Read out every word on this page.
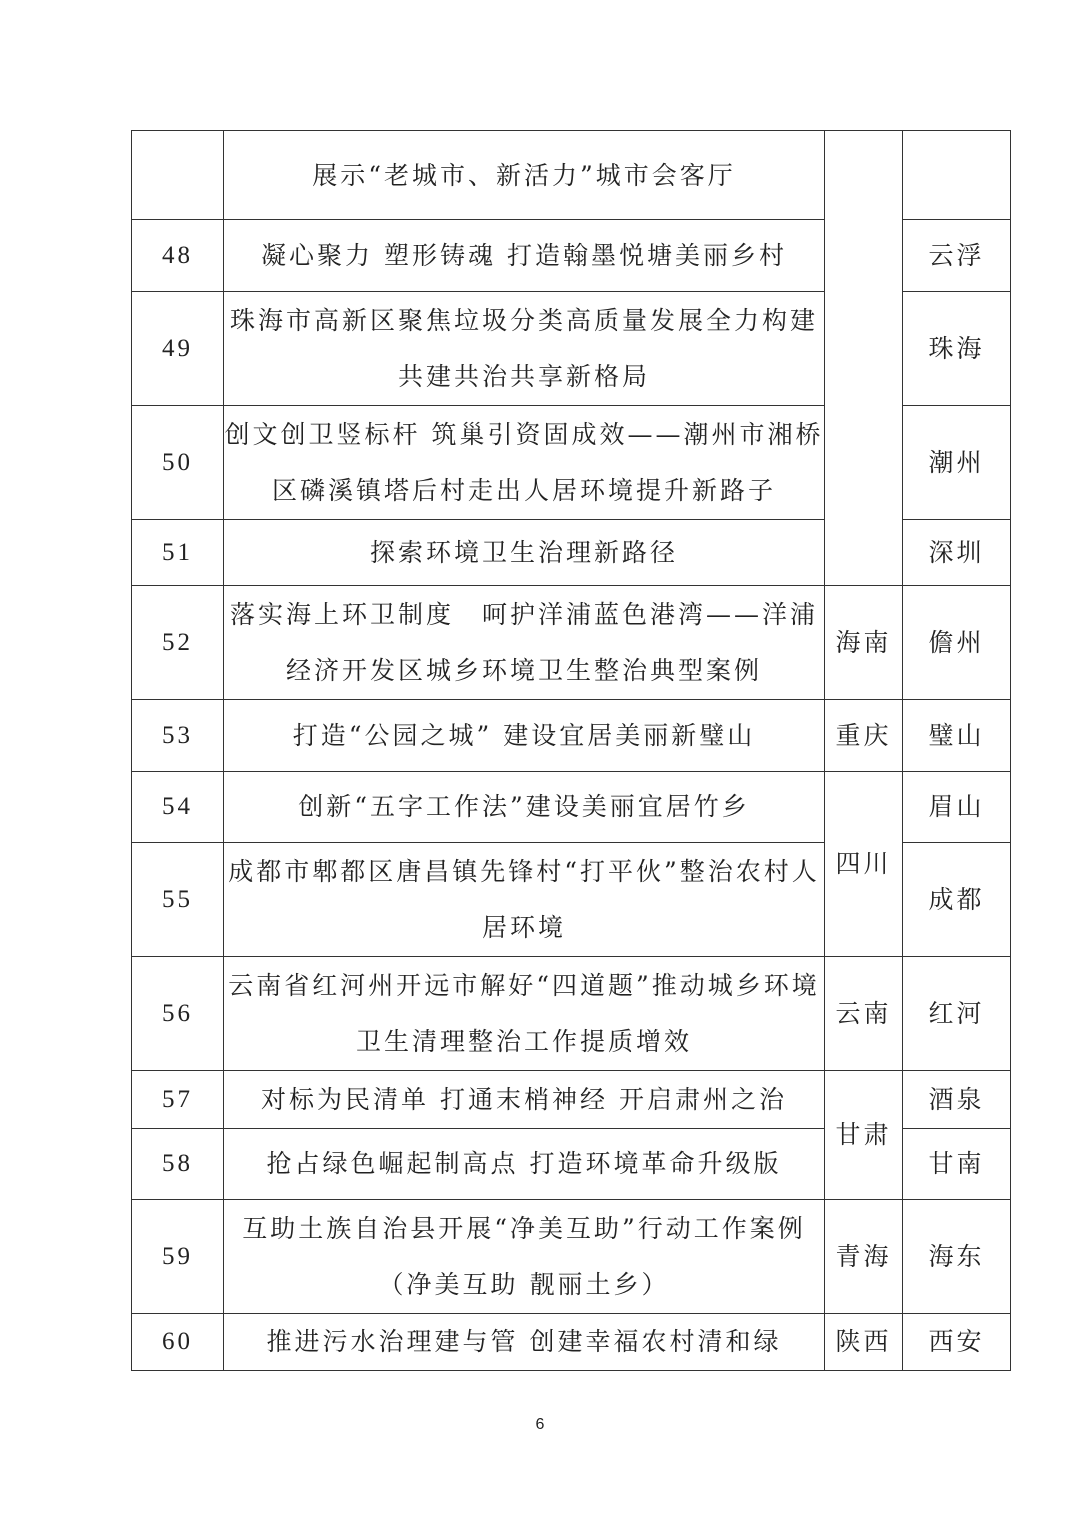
	展示“老城市、新活力”城市会客厅		

48	凝心聚力 塑形铸魂 打造翰墨悦塘美丽乡村		云浮
49	珠海市高新区聚焦垃圾分类高质量发展全力构建共建共治共享新格局		珠海
50	创文创卫竖标杆 筑巢引资固成效——潮州市湘桥区磷溪镇塔后村走出人居环境提升新路子		潮州
51	探索环境卫生治理新路径		深圳
52	落实海上环卫制度　呵护洋浦蓝色港湾——洋浦经济开发区城乡环境卫生整治典型案例	海南	儋州
53	打造“公园之城” 建设宜居美丽新璧山	重庆	璧山
54	创新“五字工作法”建设美丽宜居竹乡	四川	眉山
55	成都市郫都区唐昌镇先锋村“打平伙”整治农村人居环境		成都
56	云南省红河州开远市解好“四道题”推动城乡环境卫生清理整治工作提质增效	云南	红河
57	对标为民清单 打通末梢神经 开启肃州之治	甘肃	酒泉
58	抢占绿色崛起制高点 打造环境革命升级版		甘南
59	互助土族自治县开展“净美互助”行动工作案例（净美互助 靓丽土乡）	青海	海东
60	推进污水治理建与管 创建幸福农村清和绿	陕西	西安
6
